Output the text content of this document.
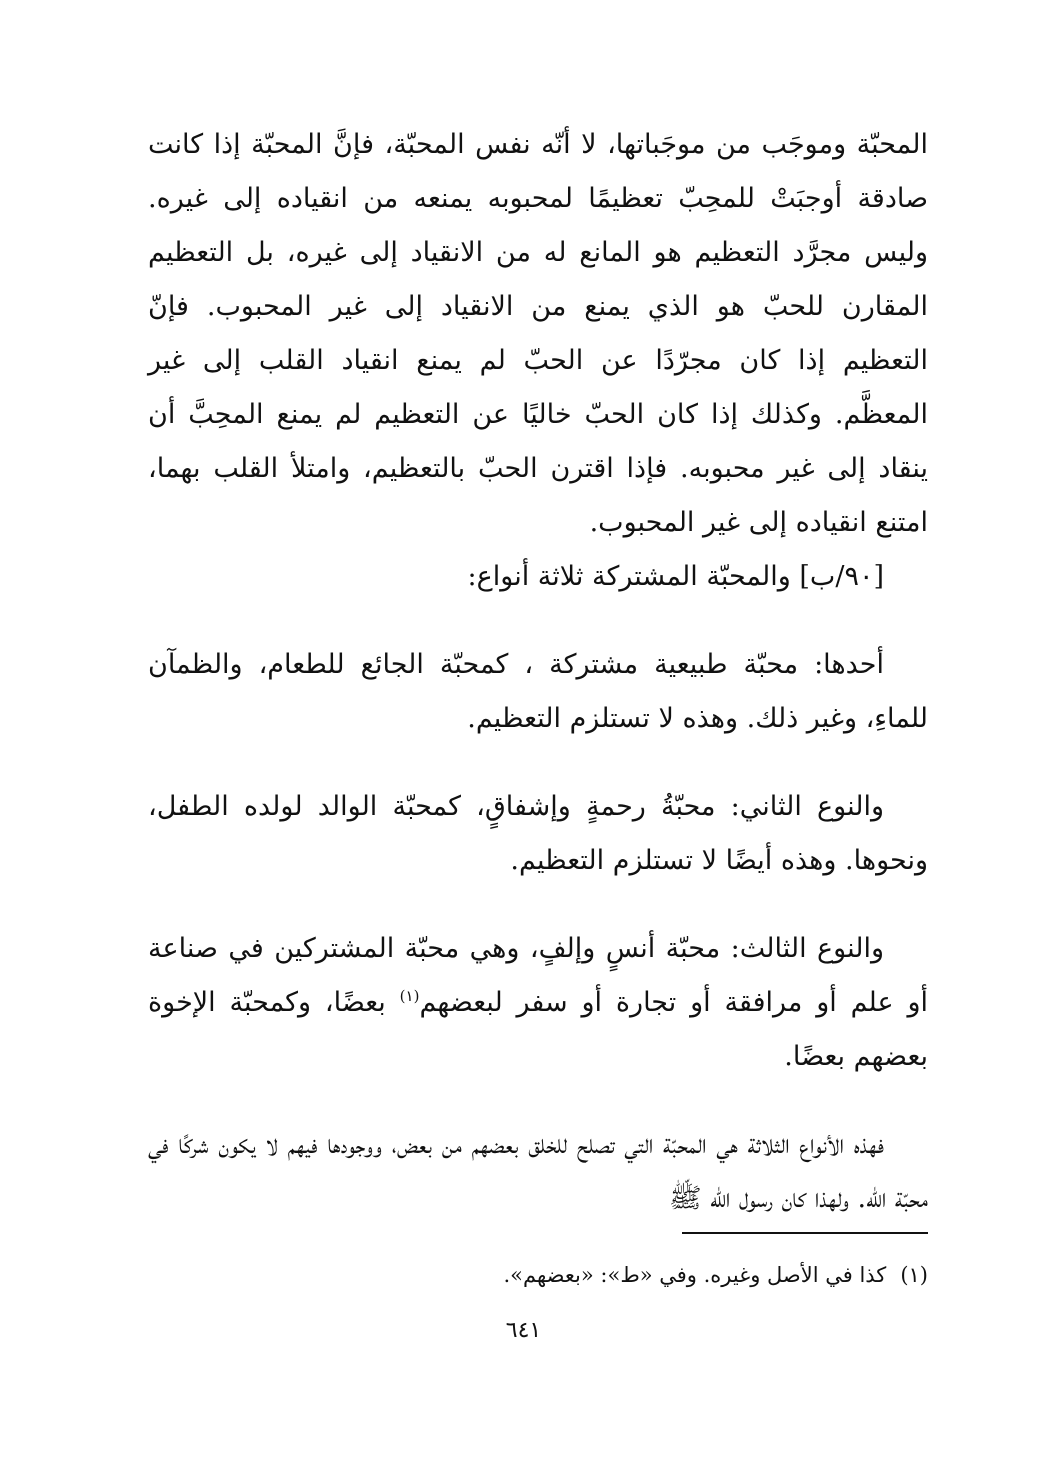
المحبّة وموجَب من موجَباتها، لا أنّه نفس المحبّة، فإنَّ المحبّة إذا كانت صادقة أوجبَتْ للمحِبّ تعظيمًا لمحبوبه يمنعه من انقياده إلى غيره. وليس مجرَّد التعظيم هو المانع له من الانقياد إلى غيره، بل التعظيم المقارن للحبّ هو الذي يمنع من الانقياد إلى غير المحبوب. فإنّ التعظيم إذا كان مجرّدًا عن الحبّ لم يمنع انقياد القلب إلى غير المعظَّم. وكذلك إذا كان الحبّ خاليًا عن التعظيم لم يمنع المحِبَّ أن ينقاد إلى غير محبوبه. فإذا اقترن الحبّ بالتعظيم، وامتلأ القلب بهما، امتنع انقياده إلى غير المحبوب.

[٩٠/ب] والمحبّة المشتركة ثلاثة أنواع:

أحدها: محبّة طبيعية مشتركة ، كمحبّة الجائع للطعام، والظمآن للماءِ، وغير ذلك. وهذه لا تستلزم التعظيم.

والنوع الثاني: محبّةُ رحمةٍ وإشفاقٍ، كمحبّة الوالد لولده الطفل، ونحوها. وهذه أيضًا لا تستلزم التعظيم.

والنوع الثالث: محبّة أنسٍ وإلفٍ، وهي محبّة المشتركين في صناعة أو علم أو مرافقة أو تجارة أو سفر لبعضهم$^{(١)}$ بعضًا، وكمحبّة الإخوة بعضهم بعضًا.

فهذه الأنواع الثلاثة هي المحبّة التي تصلح للخلق بعضهم من بعض، ووجودها فيهم لا يكون شركًا في محبّة الله. ولهذا كان رسول الله ﷺ

(١)كذا في الأصل وغيره. وفي «ط»: «بعضهم».
٦٤١
